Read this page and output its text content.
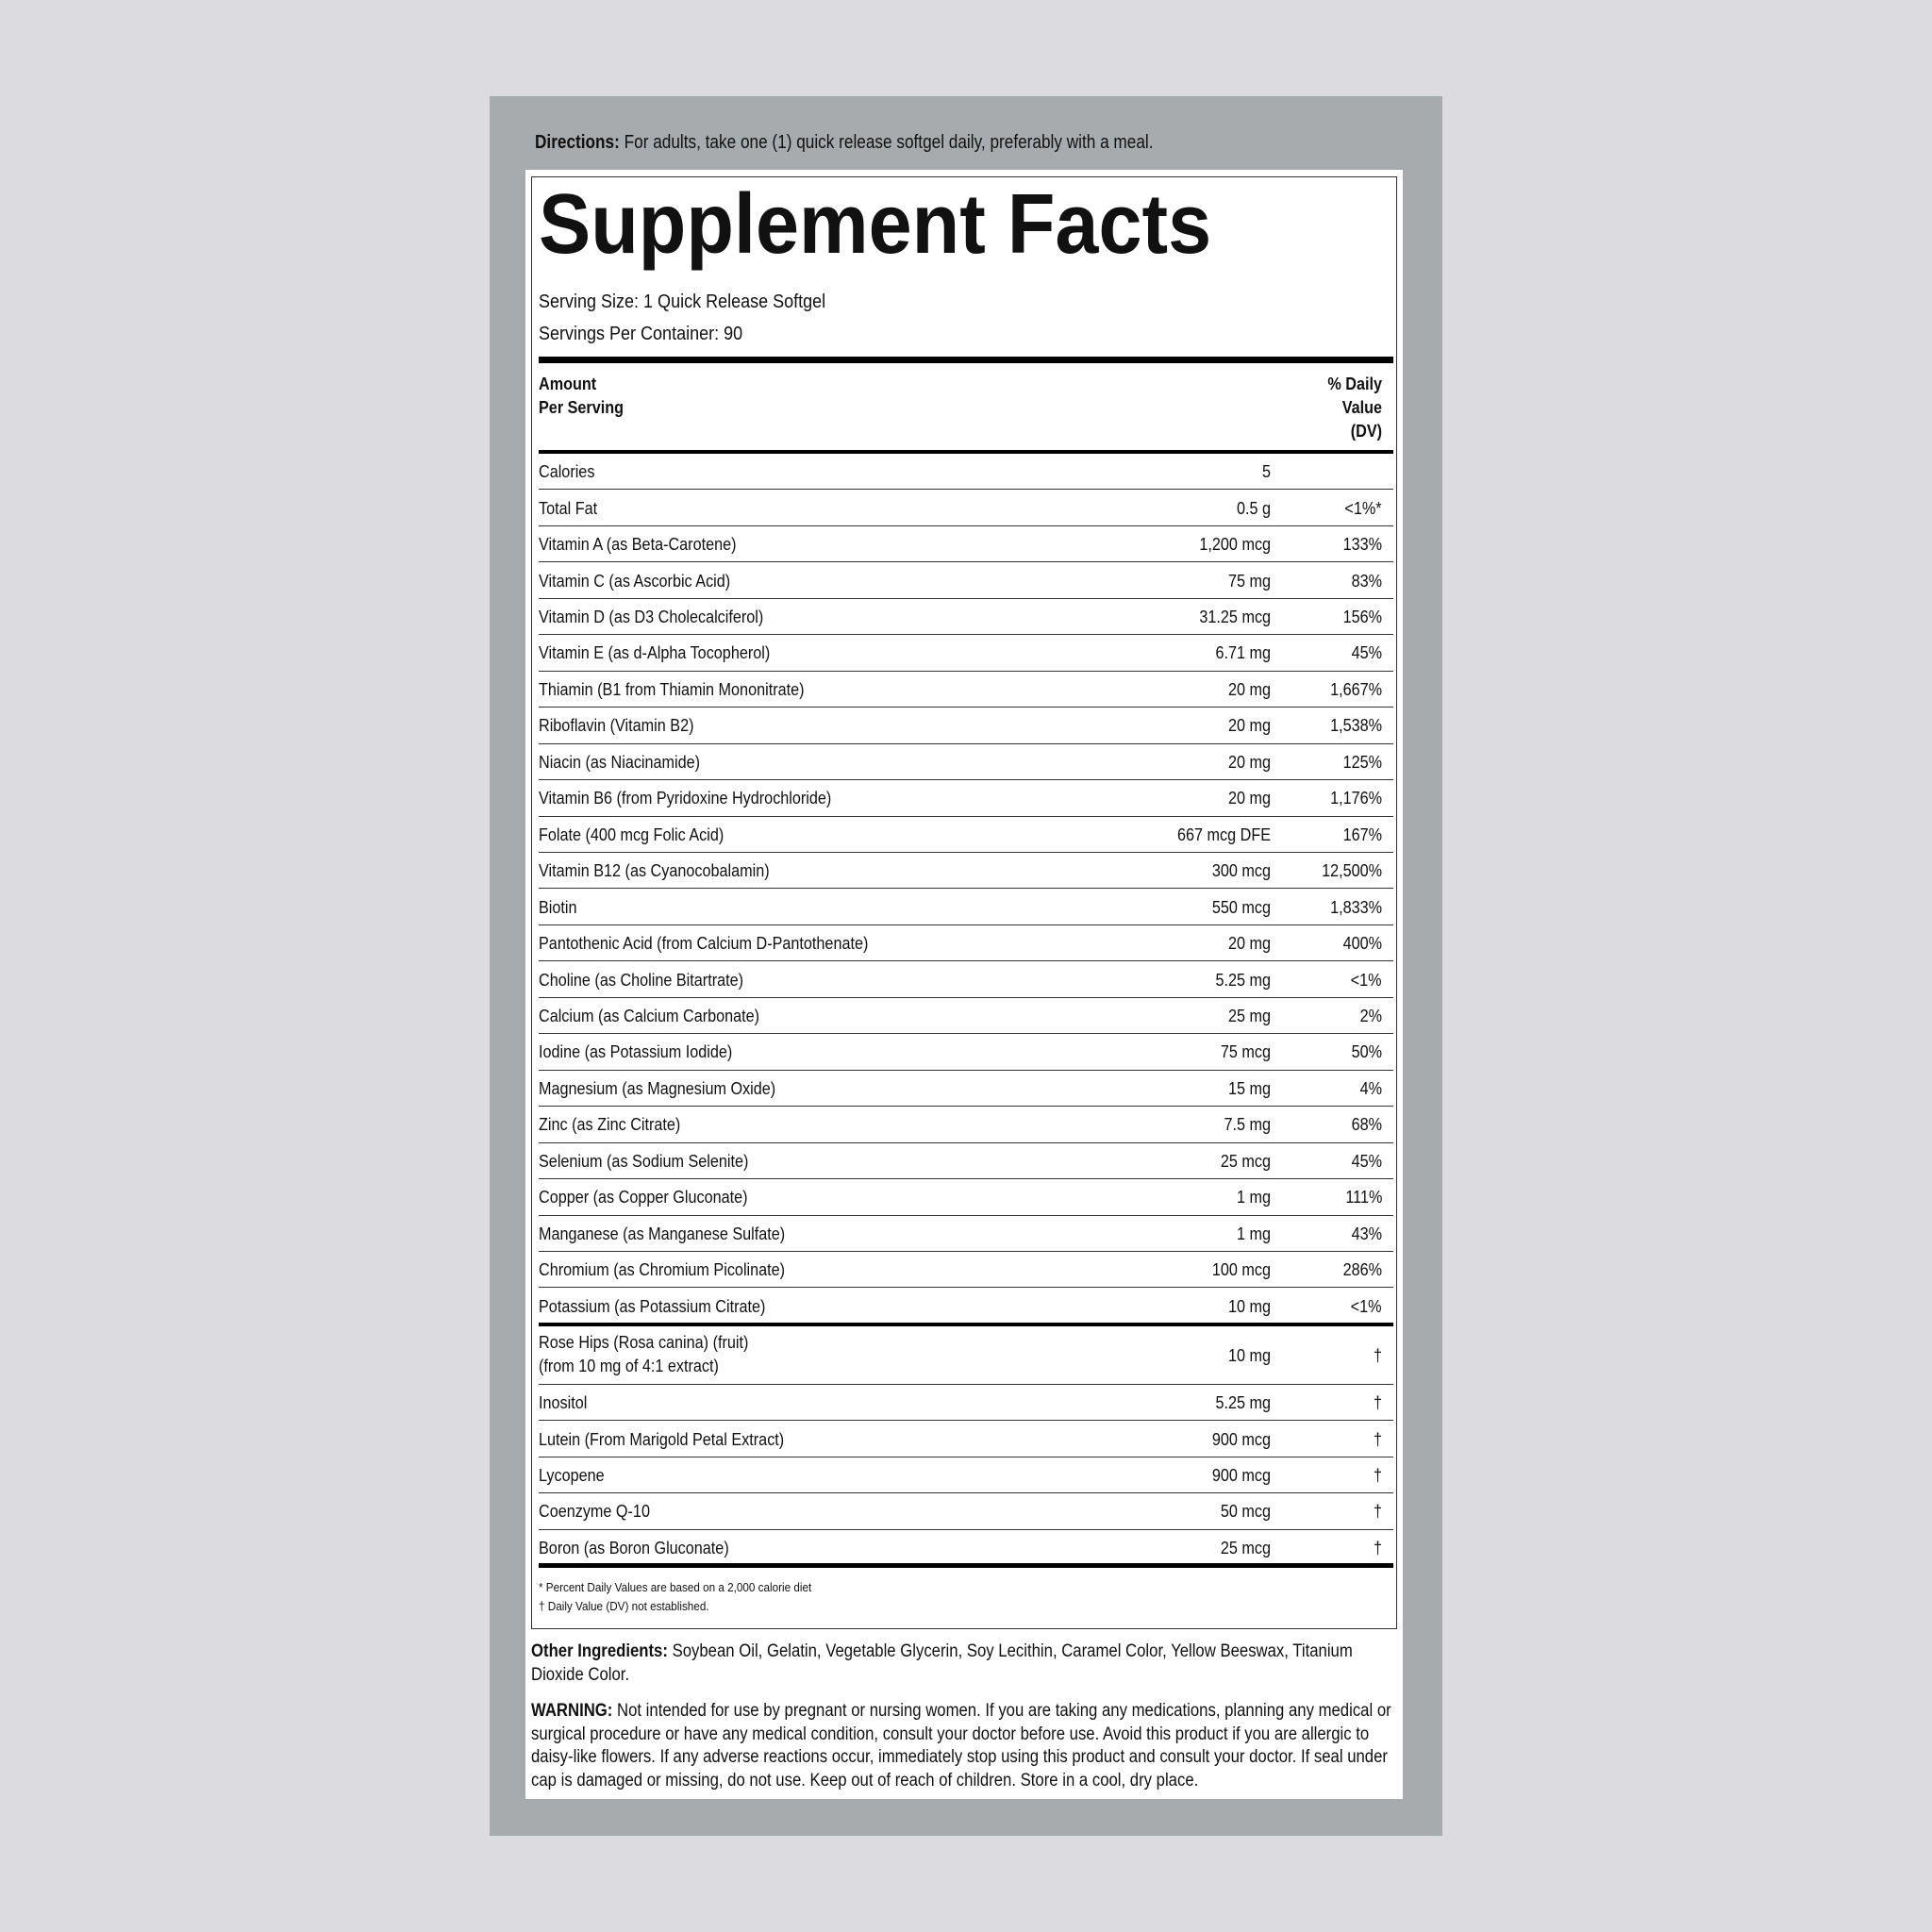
Directions: For adults, take one (1) quick release softgel daily, preferably with a meal.
Supplement Facts
Serving Size: 1 Quick Release Softgel
Servings Per Container: 90
Amount
Per Serving
% Daily
Value
(DV)
Calories	5
Total Fat	0.5 g	<1%*
Vitamin A (as Beta-Carotene)	1,200 mcg	133%
Vitamin C (as Ascorbic Acid)	75 mg	83%
Vitamin D (as D3 Cholecalciferol)	31.25 mcg	156%
Vitamin E (as d-Alpha Tocopherol)	6.71 mg	45%
Thiamin (B1 from Thiamin Mononitrate)	20 mg	1,667%
Riboflavin (Vitamin B2)	20 mg	1,538%
Niacin (as Niacinamide)	20 mg	125%
Vitamin B6 (from Pyridoxine Hydrochloride)	20 mg	1,176%
Folate (400 mcg Folic Acid)	667 mcg DFE	167%
Vitamin B12 (as Cyanocobalamin)	300 mcg	12,500%
Biotin	550 mcg	1,833%
Pantothenic Acid (from Calcium D-Pantothenate)	20 mg	400%
Choline (as Choline Bitartrate)	5.25 mg	<1%
Calcium (as Calcium Carbonate)	25 mg	2%
Iodine (as Potassium Iodide)	75 mcg	50%
Magnesium (as Magnesium Oxide)	15 mg	4%
Zinc (as Zinc Citrate)	7.5 mg	68%
Selenium (as Sodium Selenite)	25 mcg	45%
Copper (as Copper Gluconate)	1 mg	111%
Manganese (as Manganese Sulfate)	1 mg	43%
Chromium (as Chromium Picolinate)	100 mcg	286%
Potassium (as Potassium Citrate)	10 mg	<1%
Rose Hips (Rosa canina) (fruit)
(from 10 mg of 4:1 extract)
10 mg	†
Inositol	5.25 mg	†
Lutein (From Marigold Petal Extract)	900 mcg	†
Lycopene	900 mcg	†
Coenzyme Q-10	50 mcg	†
Boron (as Boron Gluconate)	25 mcg	†
* Percent Daily Values are based on a 2,000 calorie diet
† Daily Value (DV) not established.
Other Ingredients: Soybean Oil, Gelatin, Vegetable Glycerin, Soy Lecithin, Caramel Color, Yellow Beeswax, Titanium Dioxide Color.
WARNING: Not intended for use by pregnant or nursing women. If you are taking any medications, planning any medical or surgical procedure or have any medical condition, consult your doctor before use. Avoid this product if you are allergic to daisy-like flowers. If any adverse reactions occur, immediately stop using this product and consult your doctor. If seal under cap is damaged or missing, do not use. Keep out of reach of children. Store in a cool, dry place.
